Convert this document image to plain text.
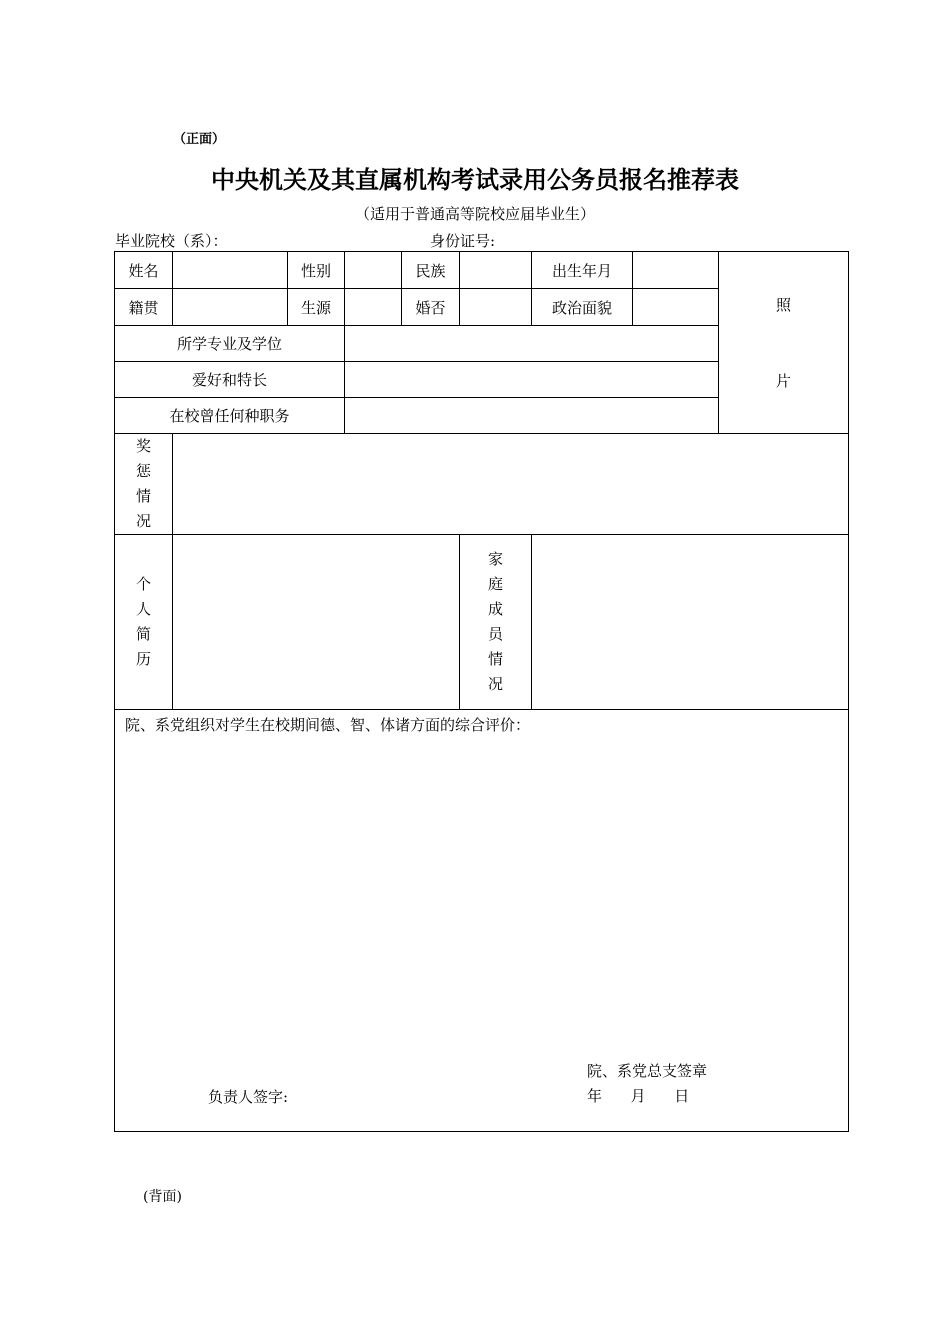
（正面）
中央机关及其直属机构考试录用公务员报名推荐表
（适用于普通高等院校应届毕业生）
毕业院校（系）：	身份证号:
姓名		性别		民族		出生年月		照
片

籍贯		生源		婚否		政治面貌		
所学专业及学位								
爱好和特长								
在校曾任何种职务								

奖惩情况								

个人简历					家庭成员情况			

院、系党组织对学生在校期间德、智、体诸方面的综合评价：
负责人签字:
院、系党总支签章
年      月      日								
(背面)
